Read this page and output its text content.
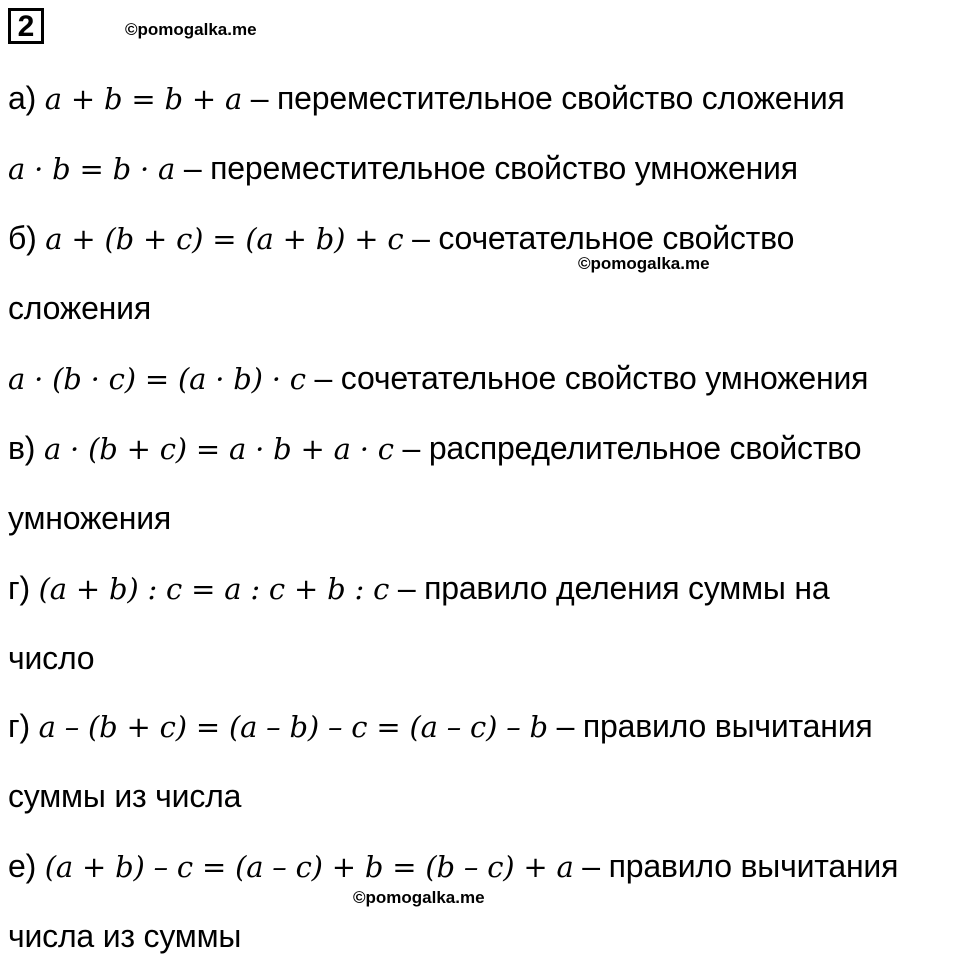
2	©pomogalka.me
©pomogalka.me
©pomogalka.me
а) a + b = b + a – переместительное свойство сложения
a · b = b · a – переместительное свойство умножения
б) a + (b + c) = (a + b) + c – сочетательное свойство
сложения
a · (b · c) = (a · b) · c – сочетательное свойство умножения
в) a · (b + c) = a · b + a · c – распределительное свойство
умножения
г) (a + b) : c = a : c + b : c – правило деления суммы на
число
г) a – (b + c) = (a – b) – c = (a – c) – b – правило вычитания
суммы из числа
е) (a + b) – c = (a – c) + b = (b – c) + a – правило вычитания
числа из суммы
